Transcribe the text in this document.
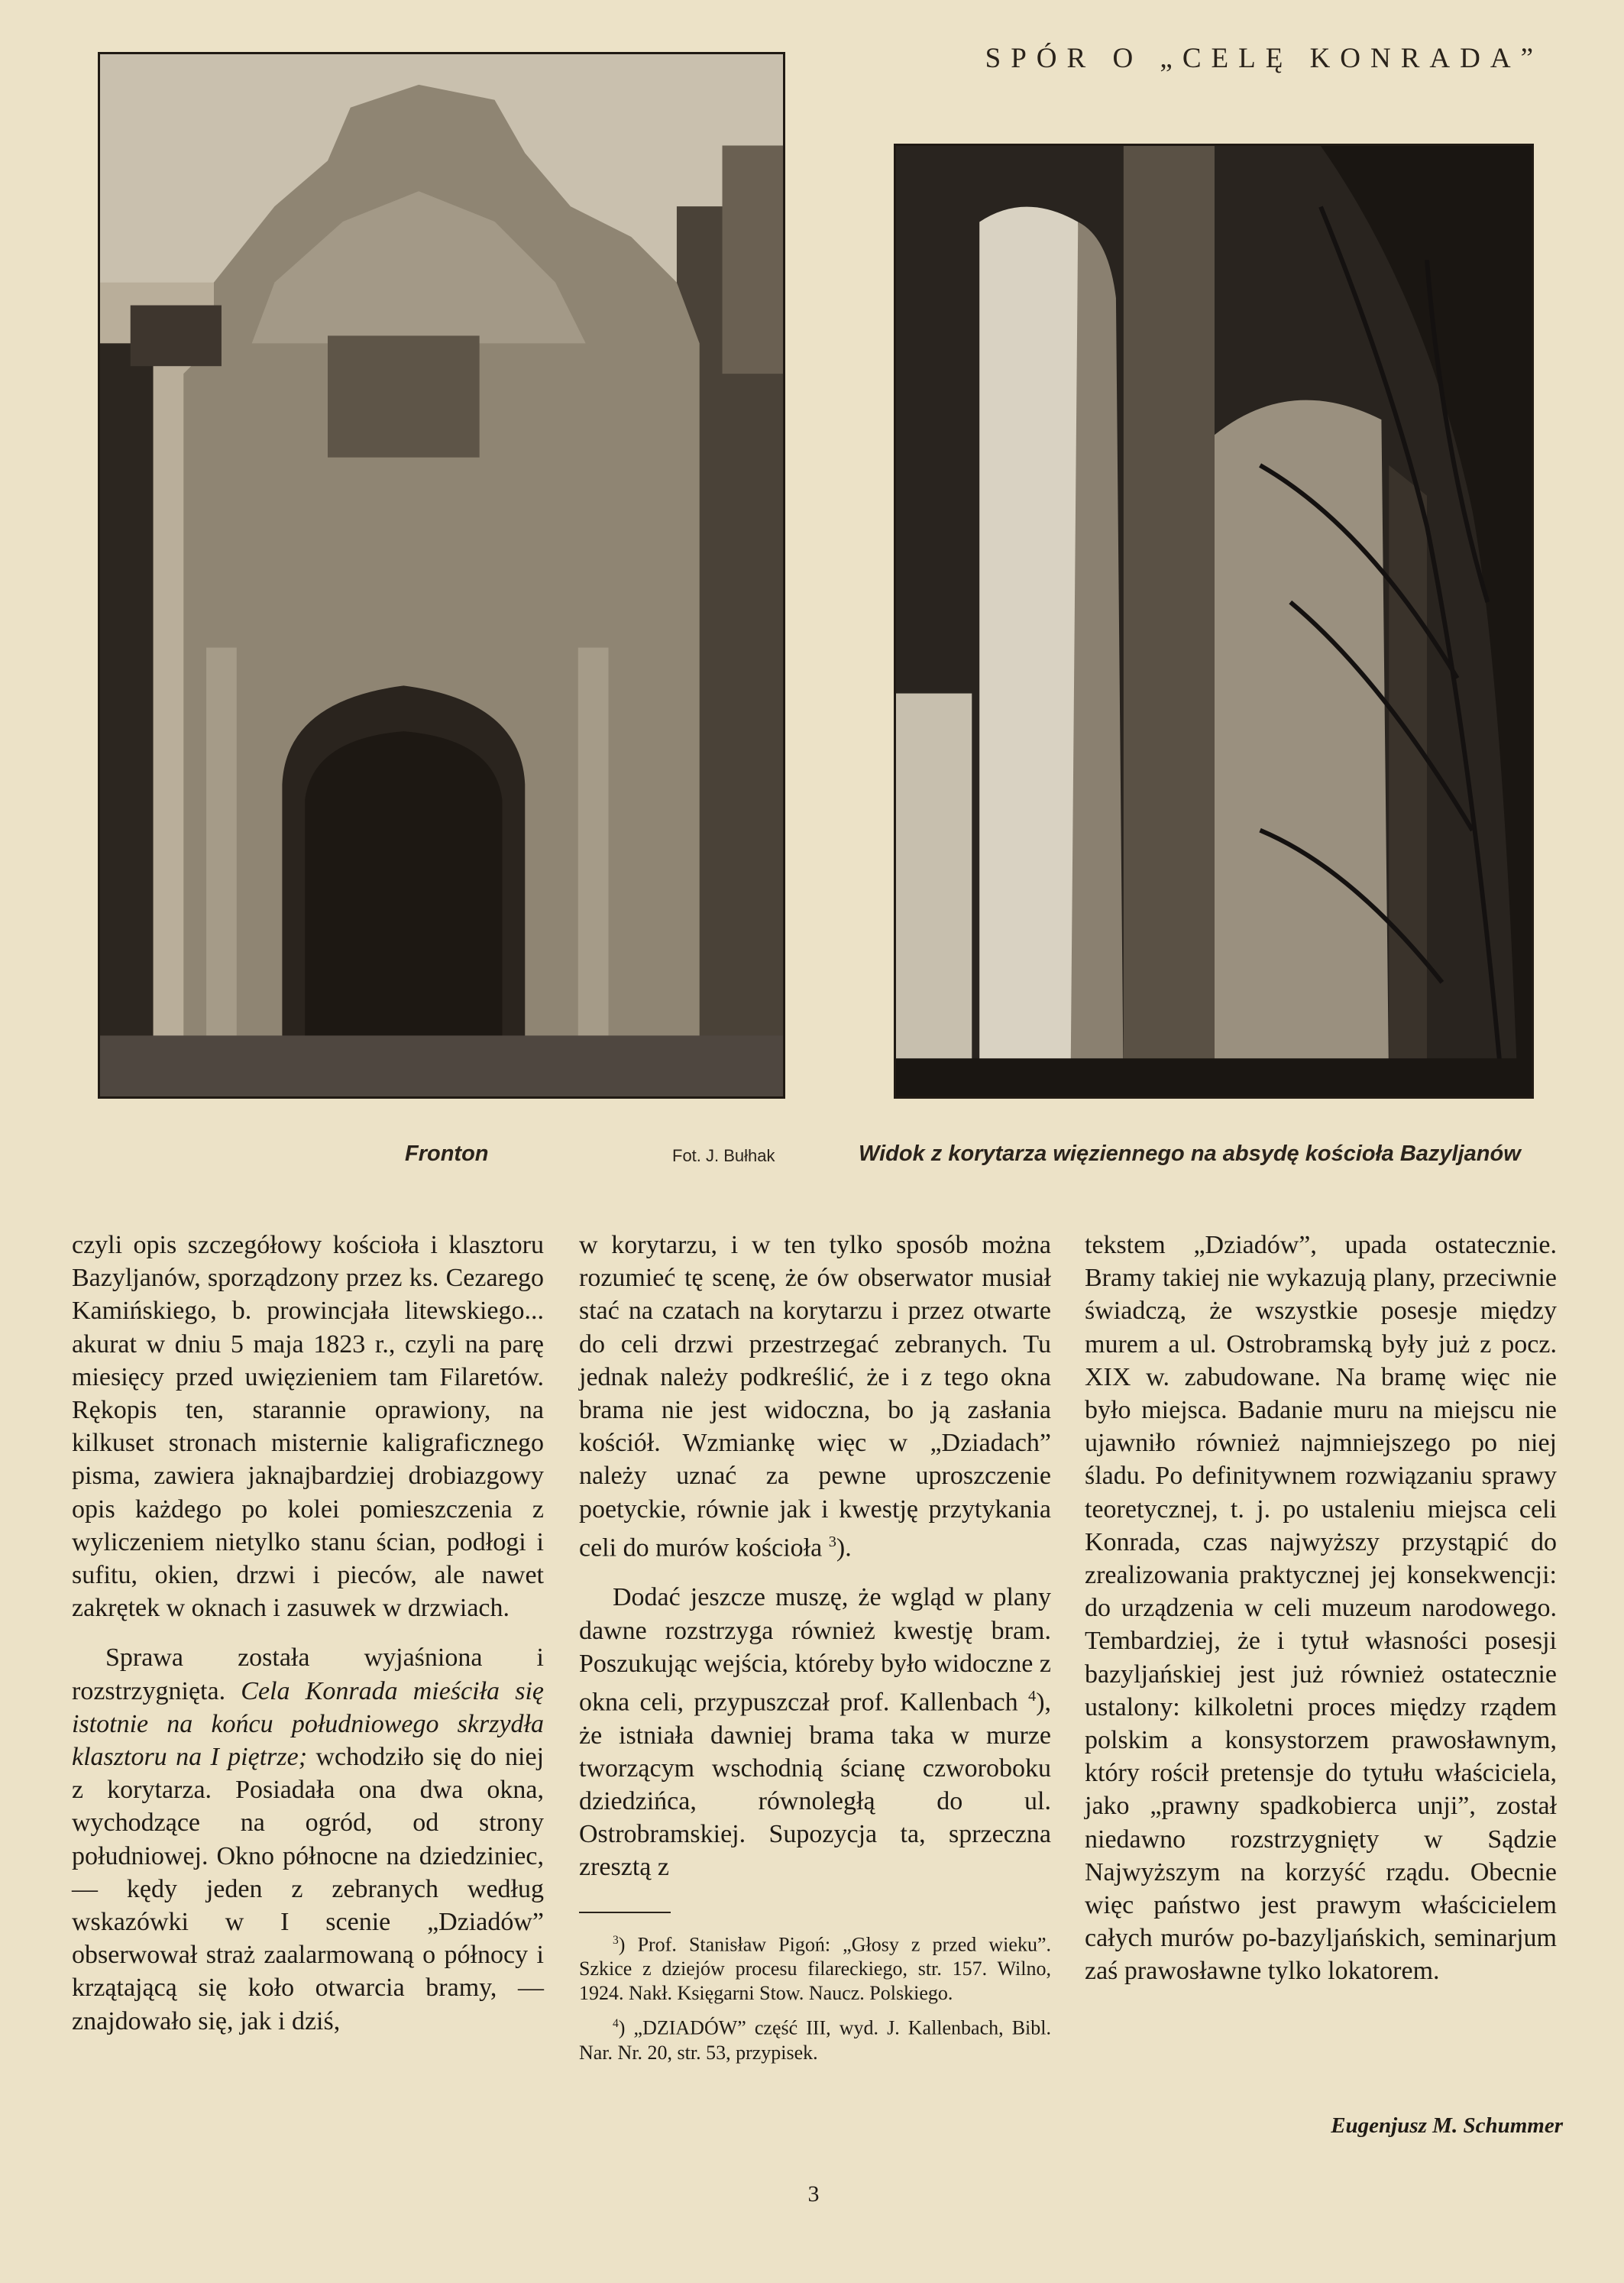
SPÓR O „CELĘ KONRADA”
Fronton	Fot. J. Bułhak	Widok z korytarza więziennego na absydę kościoła Bazyljanów

czyli opis szczegółowy kościoła i klasztoru Bazyljanów, sporządzony przez ks. Cezarego Kamińskiego, b. prowincjała litewskiego... akurat w dniu 5 maja 1823 r., czyli na parę miesięcy przed uwięzieniem tam Filaretów. Rękopis ten, starannie oprawiony, na kilkuset stronach misternie kaligraficznego pisma, zawiera jaknajbardziej drobiazgowy opis każdego po kolei pomieszczenia z wyliczeniem nietylko stanu ścian, podłogi i sufitu, okien, drzwi i pieców, ale nawet zakrętek w oknach i zasuwek w drzwiach.

Sprawa została wyjaśniona i rozstrzygnięta. Cela Konrada mieściła się istotnie na końcu południowego skrzydła klasztoru na I piętrze; wchodziło się do niej z korytarza. Posiadała ona dwa okna, wychodzące na ogród, od strony południowej. Okno północne na dziedziniec, — kędy jeden z zebranych według wskazówki w I scenie „Dziadów” obserwował straż zaalarmowaną o północy i krzątającą się koło otwarcia bramy, — znajdowało się, jak i dziś,

w korytarzu, i w ten tylko sposób można rozumieć tę scenę, że ów obserwator musiał stać na czatach na korytarzu i przez otwarte do celi drzwi przestrzegać zebranych. Tu jednak należy podkreślić, że i z tego okna brama nie jest widoczna, bo ją zasłania kościół. Wzmiankę więc w „Dziadach” należy uznać za pewne uproszczenie poetyckie, równie jak i kwestję przytykania celi do murów kościoła $^3$).

Dodać jeszcze muszę, że wgląd w plany dawne rozstrzyga również kwestję bram. Poszukując wejścia, któreby było widoczne z okna celi, przypuszczał prof. Kallenbach $^4$), że istniała dawniej brama taka w murze tworzącym wschodnią ścianę czworoboku dziedzińca, równoległą do ul. Ostrobramskiej. Supozycja ta, sprzeczna zresztą z

$^3$) Prof. Stanisław Pigoń: „Głosy z przed wieku”. Szkice z dziejów procesu filareckiego, str. 157. Wilno, 1924. Nakł. Księgarni Stow. Naucz. Polskiego.

$^4$) „DZIADÓW” część III, wyd. J. Kallenbach, Bibl. Nar. Nr. 20, str. 53, przypisek.

tekstem „Dziadów”, upada ostatecznie. Bramy takiej nie wykazują plany, przeciwnie świadczą, że wszystkie posesje między murem a ul. Ostrobramską były już z pocz. XIX w. zabudowane. Na bramę więc nie było miejsca. Badanie muru na miejscu nie ujawniło również najmniejszego po niej śladu. Po definitywnem rozwiązaniu sprawy teoretycznej, t. j. po ustaleniu miejsca celi Konrada, czas najwyższy przystąpić do zrealizowania praktycznej jej konsekwencji: do urządzenia w celi muzeum narodowego. Tembardziej, że i tytuł własności posesji bazyljańskiej jest już również ostatecznie ustalony: kilkoletni proces między rządem polskim a konsystorzem prawosławnym, który rościł pretensje do tytułu właściciela, jako „prawny spadkobierca unji”, został niedawno rozstrzygnięty w Sądzie Najwyższym na korzyść rządu. Obecnie więc państwo jest prawym właścicielem całych murów po-bazyljańskich, seminarjum zaś prawosławne tylko lokatorem.

Eugenjusz M. Schummer
3
